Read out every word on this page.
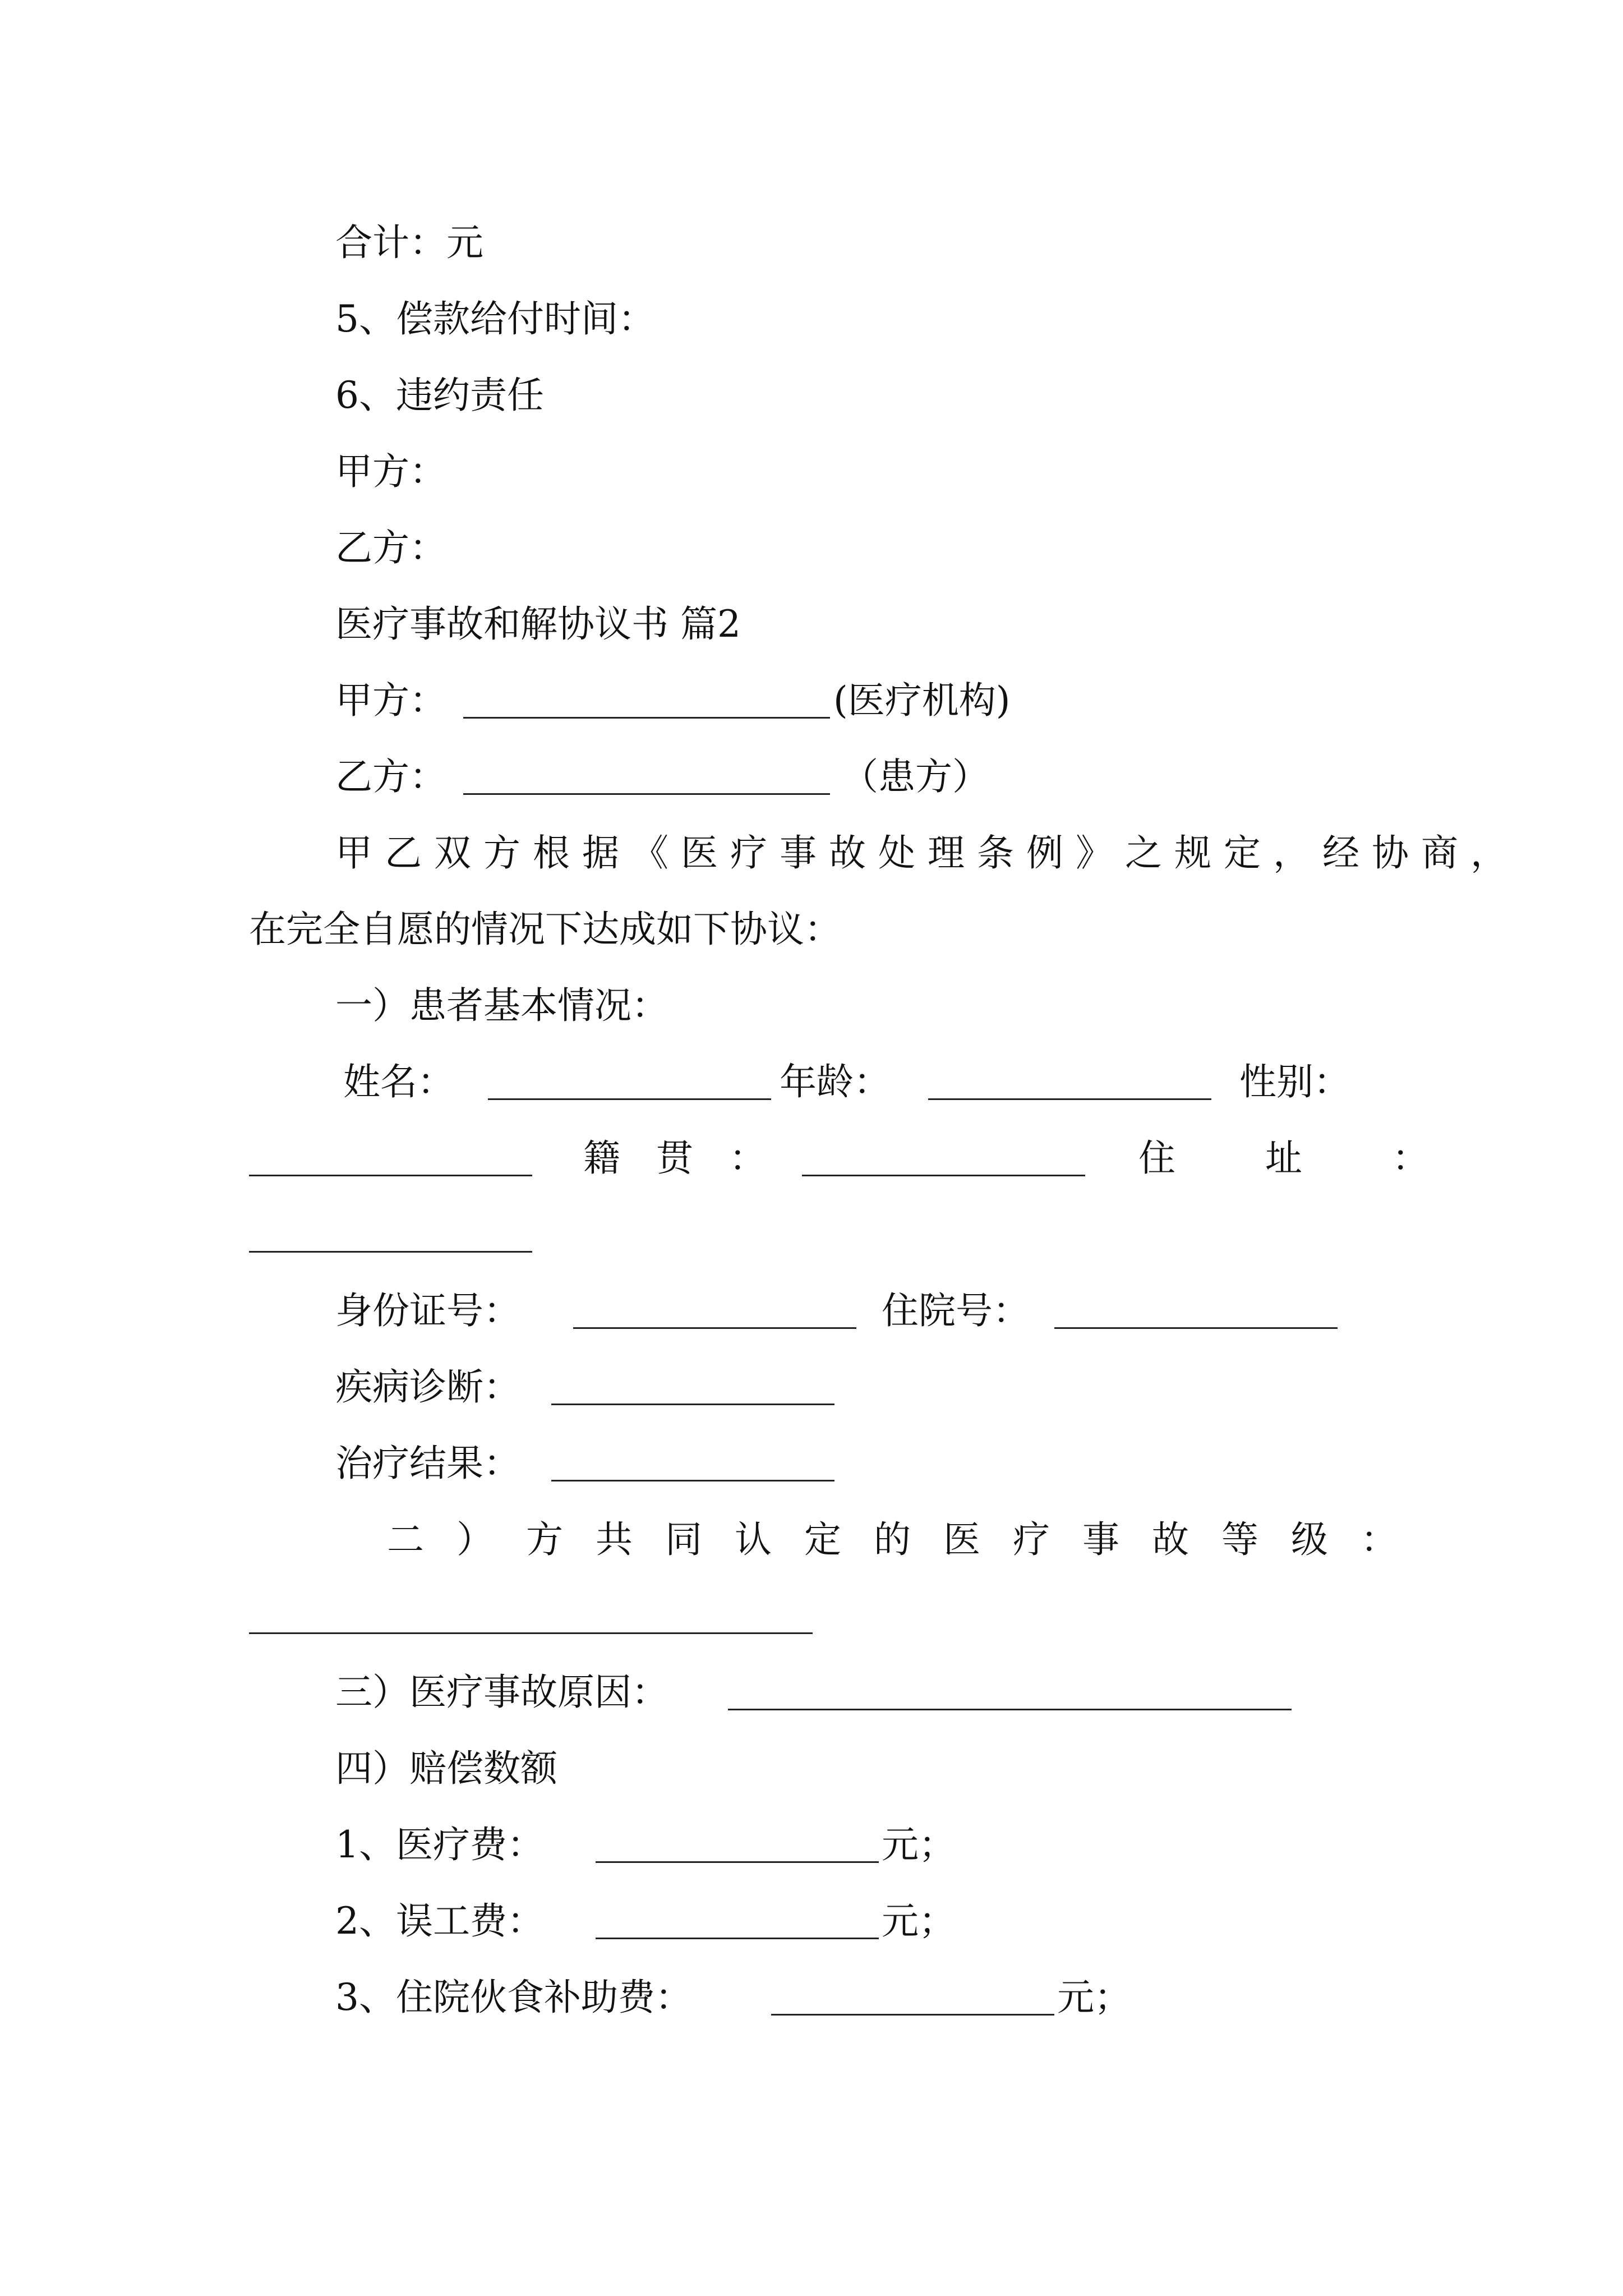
合计：元
5、偿款给付时间：
6、违约责任
甲方：
乙方：
医疗事故和解协议书 篇2
甲方：	(医疗机构)
乙方：	（患方）
甲乙双方根据《医疗事故处理条例》之规定，经协商，
在完全自愿的情况下达成如下协议：
一）患者基本情况：
姓名：	年龄：	性别：
籍贯：	住址：
身份证号：	住院号：
疾病诊断：
治疗结果：
二）方共同认定的医疗事故等级：
三）医疗事故原因：
四）赔偿数额
1、医疗费：	元；
2、误工费：	元；
3、住院伙食补助费：	元；
